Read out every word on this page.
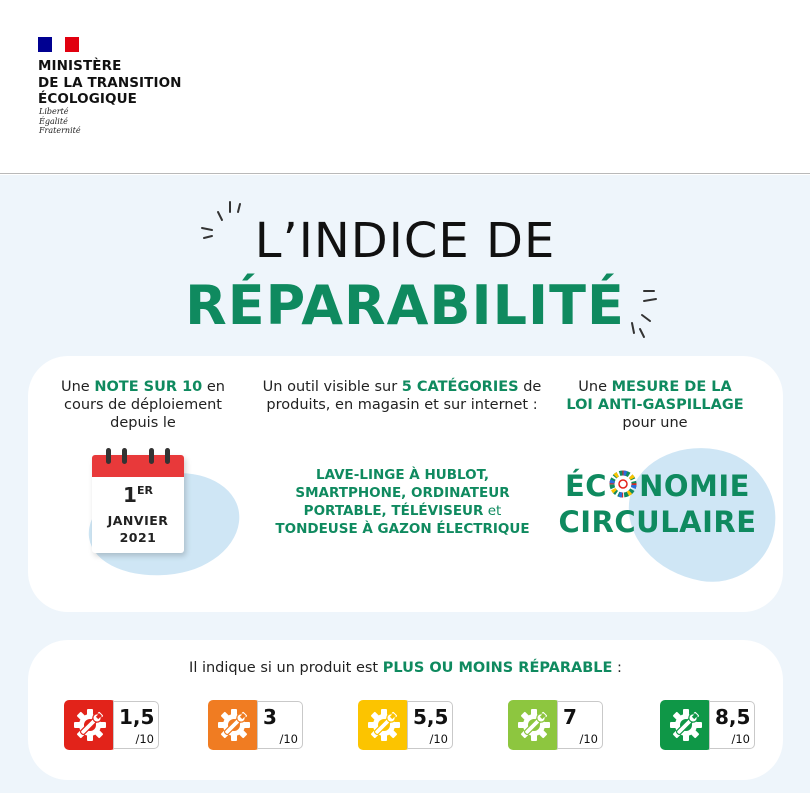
MINISTÈRE
DE LA TRANSITION
ÉCOLOGIQUE
Liberté
Égalité
Fraternité
L’INDICE DE
RÉPARABILITÉ
Une NOTE SUR 10 en cours de déploiement depuis le
1ER
JANVIER
2021
Un outil visible sur 5 CATÉGORIES de produits, en magasin et sur internet :
LAVE-LINGE À HUBLOT,
SMARTPHONE, ORDINATEUR
PORTABLE, TÉLÉVISEUR et
TONDEUSE À GAZON ÉLECTRIQUE
Une MESURE DE LA
LOI ANTI-GASPILLAGE
pour une
ÉC NOMIE
CIRCULAIRE
Il indique si un produit est PLUS OU MOINS RÉPARABLE :
1,5
/10
3
/10
5,5
/10
7
/10
8,5
/10
